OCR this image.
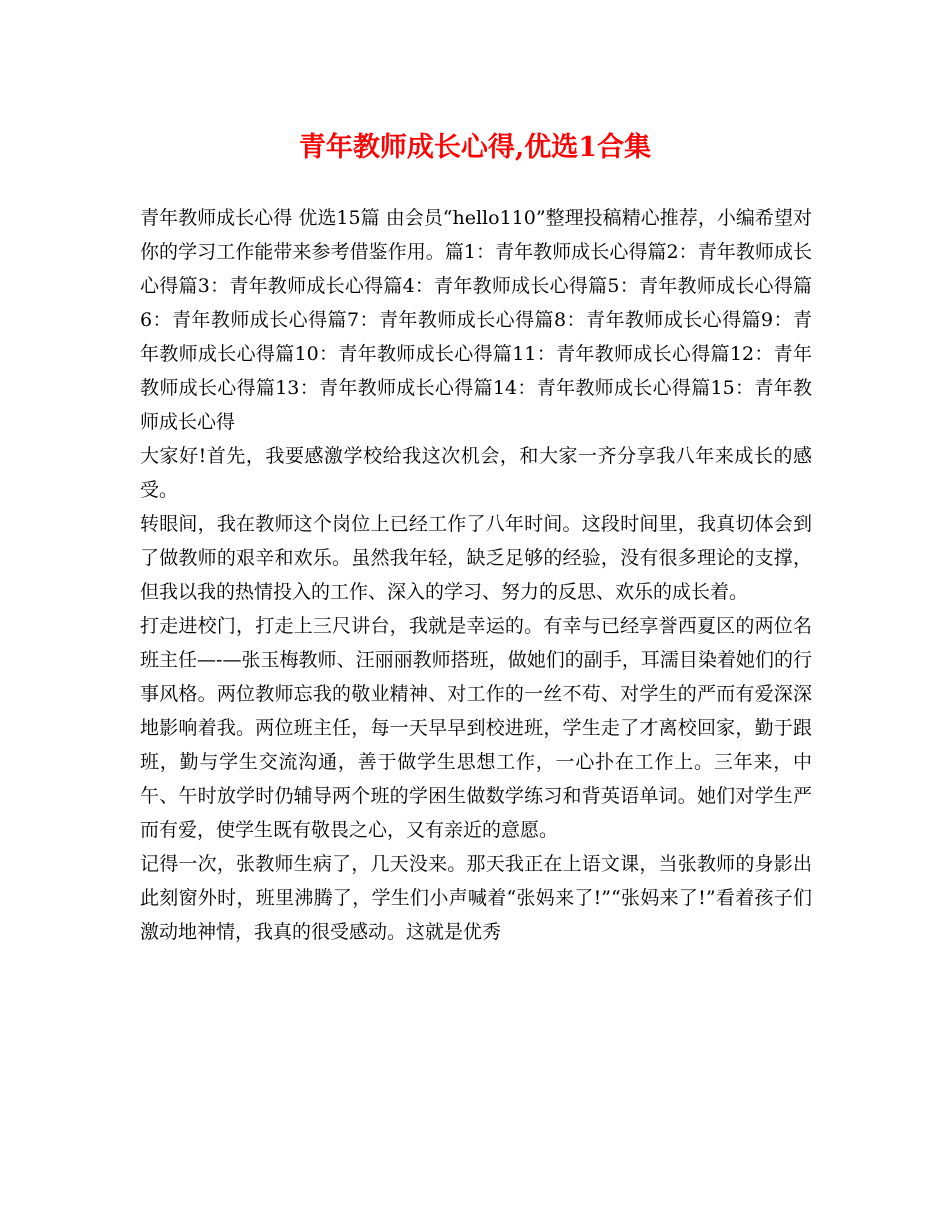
青年教师成长心得,优选1合集

青年教师成长心得 优选15篇 由会员“hello110”整理投稿精心推荐，小编希望对你的学习工作能带来参考借鉴作用。篇1：青年教师成长心得篇2：青年教师成长心得篇3：青年教师成长心得篇4：青年教师成长心得篇5：青年教师成长心得篇6：青年教师成长心得篇7：青年教师成长心得篇8：青年教师成长心得篇9：青年教师成长心得篇10：青年教师成长心得篇11：青年教师成长心得篇12：青年教师成长心得篇13：青年教师成长心得篇14：青年教师成长心得篇15：青年教师成长心得

大家好!首先，我要感激学校给我这次机会，和大家一齐分享我八年来成长的感受。

转眼间，我在教师这个岗位上已经工作了八年时间。这段时间里，我真切体会到了做教师的艰辛和欢乐。虽然我年轻，缺乏足够的经验，没有很多理论的支撑，但我以我的热情投入的工作、深入的学习、努力的反思、欢乐的成长着。

打走进校门，打走上三尺讲台，我就是幸运的。有幸与已经享誉西夏区的两位名班主任—-—张玉梅教师、汪丽丽教师搭班，做她们的副手，耳濡目染着她们的行事风格。两位教师忘我的敬业精神、对工作的一丝不苟、对学生的严而有爱深深地影响着我。两位班主任，每一天早早到校进班，学生走了才离校回家，勤于跟班，勤与学生交流沟通，善于做学生思想工作，一心扑在工作上。三年来，中午、午时放学时仍辅导两个班的学困生做数学练习和背英语单词。她们对学生严而有爱，使学生既有敬畏之心，又有亲近的意愿。

记得一次，张教师生病了，几天没来。那天我正在上语文课，当张教师的身影出此刻窗外时，班里沸腾了，学生们小声喊着“张妈来了!”“张妈来了!”看着孩子们激动地神情，我真的很受感动。这就是优秀
